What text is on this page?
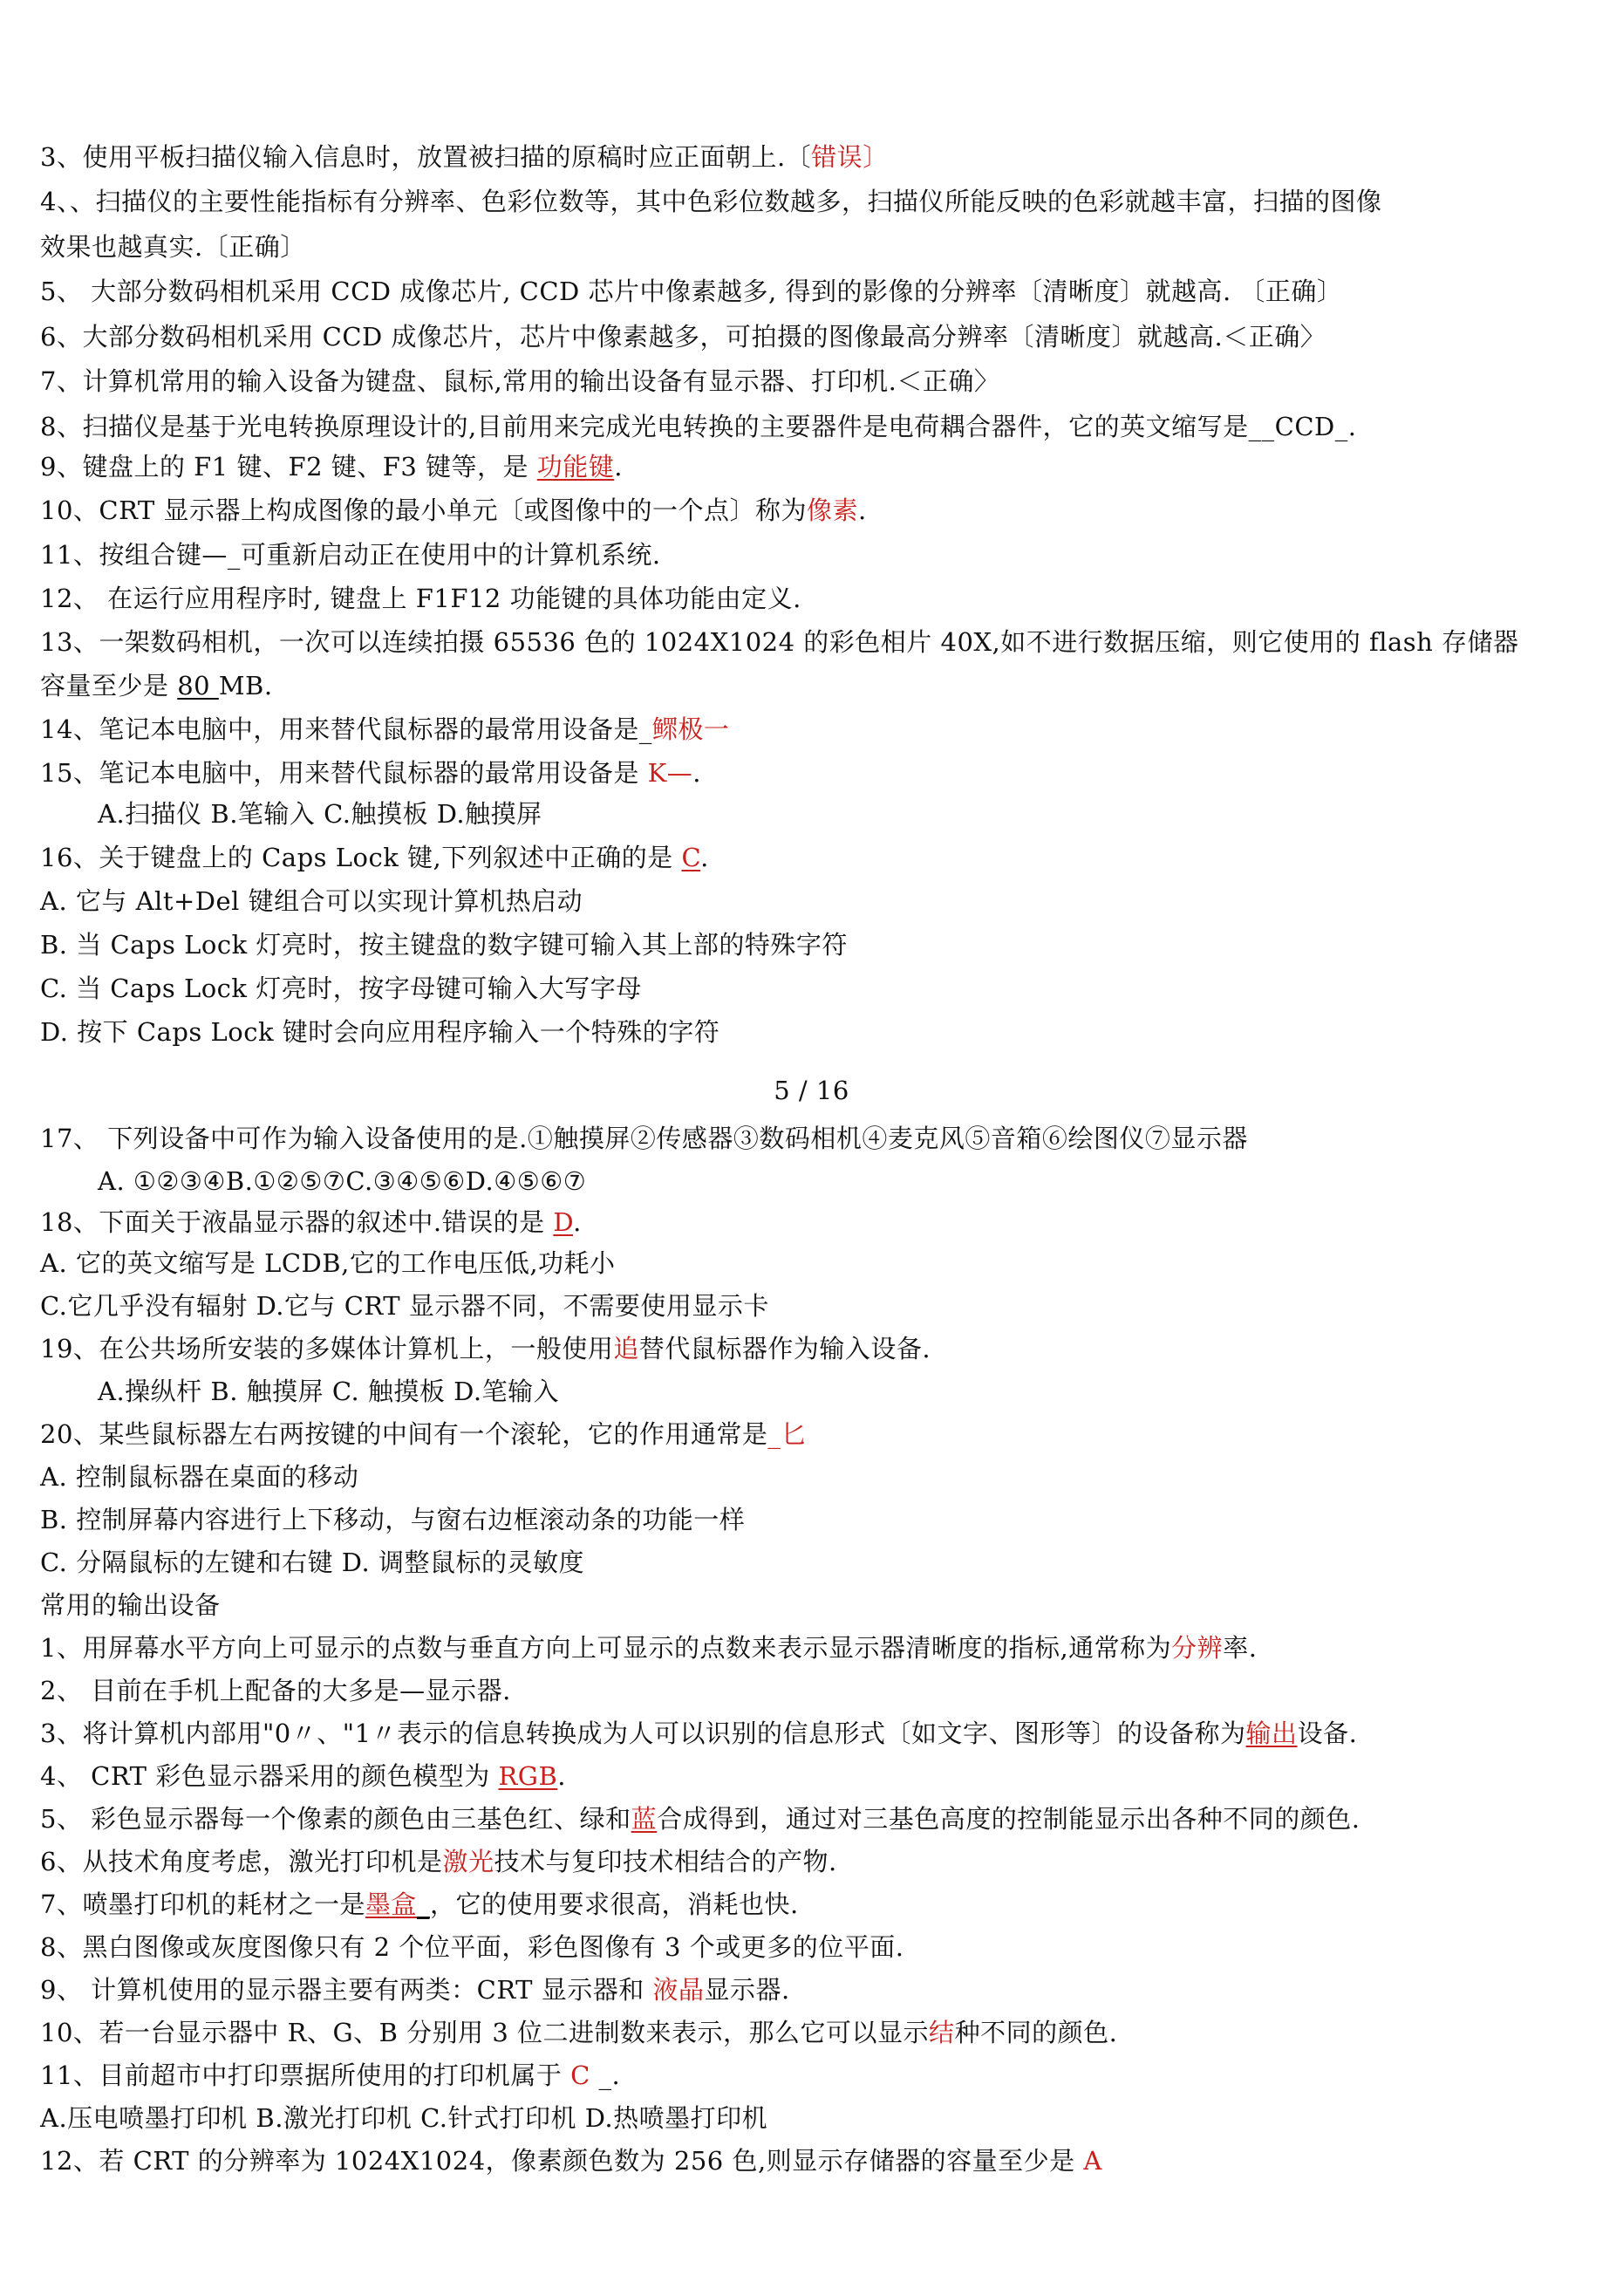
3、使用平板扫描仪输入信息时，放置被扫描的原稿时应正面朝上.〔错误〕
4、、扫描仪的主要性能指标有分辨率、色彩位数等，其中色彩位数越多，扫描仪所能反映的色彩就越丰富，扫描的图像
效果也越真实.〔正确〕
5、 大部分数码相机采用 CCD 成像芯片, CCD 芯片中像素越多, 得到的影像的分辨率〔清晰度〕就越高. 〔正确〕
6、大部分数码相机采用 CCD 成像芯片，芯片中像素越多，可拍摄的图像最高分辨率〔清晰度〕就越高.＜正确〉
7、计算机常用的输入设备为键盘、鼠标,常用的输出设备有显示器、打印机.＜正确〉
8、扫描仪是基于光电转换原理设计的,目前用来完成光电转换的主要器件是电荷耦合器件，它的英文缩写是__CCD_.
9、键盘上的 F1 键、F2 键、F3 键等，是 功能键.
10、CRT 显示器上构成图像的最小单元〔或图像中的一个点〕称为像素.
11、按组合键—_可重新启动正在使用中的计算机系统.
12、 在运行应用程序时, 键盘上 F1F12 功能键的具体功能由定义.
13、一架数码相机，一次可以连续拍摄 65536 色的 1024X1024 的彩色相片 40X,如不进行数据压缩，则它使用的 flash 存储器
容量至少是 80 MB.
14、笔记本电脑中，用来替代鼠标器的最常用设备是_鳏极一
15、笔记本电脑中，用来替代鼠标器的最常用设备是 K—.
A.扫描仪 B.笔输入 C.触摸板 D.触摸屏
16、关于键盘上的 Caps Lock 键,下列叙述中正确的是 C.
A. 它与 Alt+Del 键组合可以实现计算机热启动
B. 当 Caps Lock 灯亮时，按主键盘的数字键可输入其上部的特殊字符
C. 当 Caps Lock 灯亮时，按字母键可输入大写字母
D. 按下 Caps Lock 键时会向应用程序输入一个特殊的字符
17、 下列设备中可作为输入设备使用的是.①触摸屏②传感器③数码相机④麦克风⑤音箱⑥绘图仪⑦显示器
A. ①②③④B.①②⑤⑦C.③④⑤⑥D.④⑤⑥⑦
18、下面关于液晶显示器的叙述中.错误的是 D.
A. 它的英文缩写是 LCDB,它的工作电压低,功耗小
C.它几乎没有辐射 D.它与 CRT 显示器不同，不需要使用显示卡
19、在公共场所安装的多媒体计算机上，一般使用追替代鼠标器作为输入设备.
A.操纵杆 B. 触摸屏 C. 触摸板 D.笔输入
20、某些鼠标器左右两按键的中间有一个滚轮，它的作用通常是_匕
A. 控制鼠标器在桌面的移动
B. 控制屏幕内容进行上下移动，与窗右边框滚动条的功能一样
C. 分隔鼠标的左键和右键 D. 调整鼠标的灵敏度
常用的输出设备
1、用屏幕水平方向上可显示的点数与垂直方向上可显示的点数来表示显示器清晰度的指标,通常称为分辨率.
2、 目前在手机上配备的大多是—显示器.
3、将计算机内部用"0〃、"1〃表示的信息转换成为人可以识别的信息形式〔如文字、图形等〕的设备称为输出设备.
4、 CRT 彩色显示器采用的颜色模型为 RGB.
5、 彩色显示器每一个像素的颜色由三基色红、绿和蓝合成得到，通过对三基色高度的控制能显示出各种不同的颜色.
6、从技术角度考虑，激光打印机是激光技术与复印技术相结合的产物.
7、喷墨打印机的耗材之一是墨盒_，它的使用要求很高，消耗也快.
8、黑白图像或灰度图像只有 2 个位平面，彩色图像有 3 个或更多的位平面.
9、 计算机使用的显示器主要有两类：CRT 显示器和 液晶显示器.
10、若一台显示器中 R、G、B 分别用 3 位二进制数来表示，那么它可以显示结种不同的颜色.
11、目前超市中打印票据所使用的打印机属于 C _.
A.压电喷墨打印机 B.激光打印机 C.针式打印机 D.热喷墨打印机
12、若 CRT 的分辨率为 1024X1024，像素颜色数为 256 色,则显示存储器的容量至少是 A
5 / 16
